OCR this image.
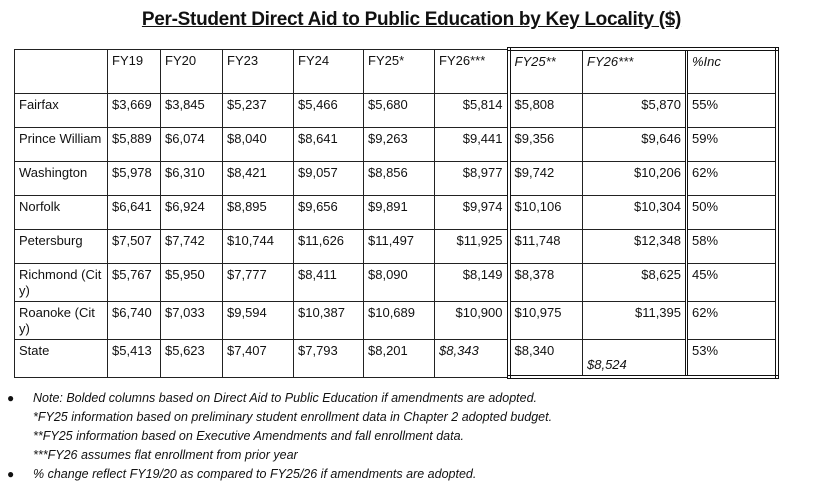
Per-Student Direct Aid to Public Education by Key Locality ($)
	FY19	FY20	FY23	FY24	FY25*	FY26***	FY25**	FY26***	%Inc
Fairfax	$3,669	$3,845	$5,237	$5,466	$5,680	$5,814	$5,808	$5,870	55%
Prince William	$5,889	$6,074	$8,040	$8,641	$9,263	$9,441	$9,356	$9,646	59%
Washington	$5,978	$6,310	$8,421	$9,057	$8,856	$8,977	$9,742	$10,206	62%
Norfolk	$6,641	$6,924	$8,895	$9,656	$9,891	$9,974	$10,106	$10,304	50%
Petersburg	$7,507	$7,742	$10,744	$11,626	$11,497	$11,925	$11,748	$12,348	58%
Richmond (City)	$5,767	$5,950	$7,777	$8,411	$8,090	$8,149	$8,378	$8,625	45%
Roanoke (City)	$6,740	$7,033	$9,594	$10,387	$10,689	$10,900	$10,975	$11,395	62%
State	$5,413	$5,623	$7,407	$7,793	$8,201	$8,343	$8,340	$8,524	53%
● Note: Bolded columns based on Direct Aid to Public Education if amendments are adopted.
*FY25 information based on preliminary student enrollment data in Chapter 2 adopted budget.
**FY25 information based on Executive Amendments and fall enrollment data.
***FY26 assumes flat enrollment from prior year
● % change reflect FY19/20 as compared to FY25/26 if amendments are adopted.
